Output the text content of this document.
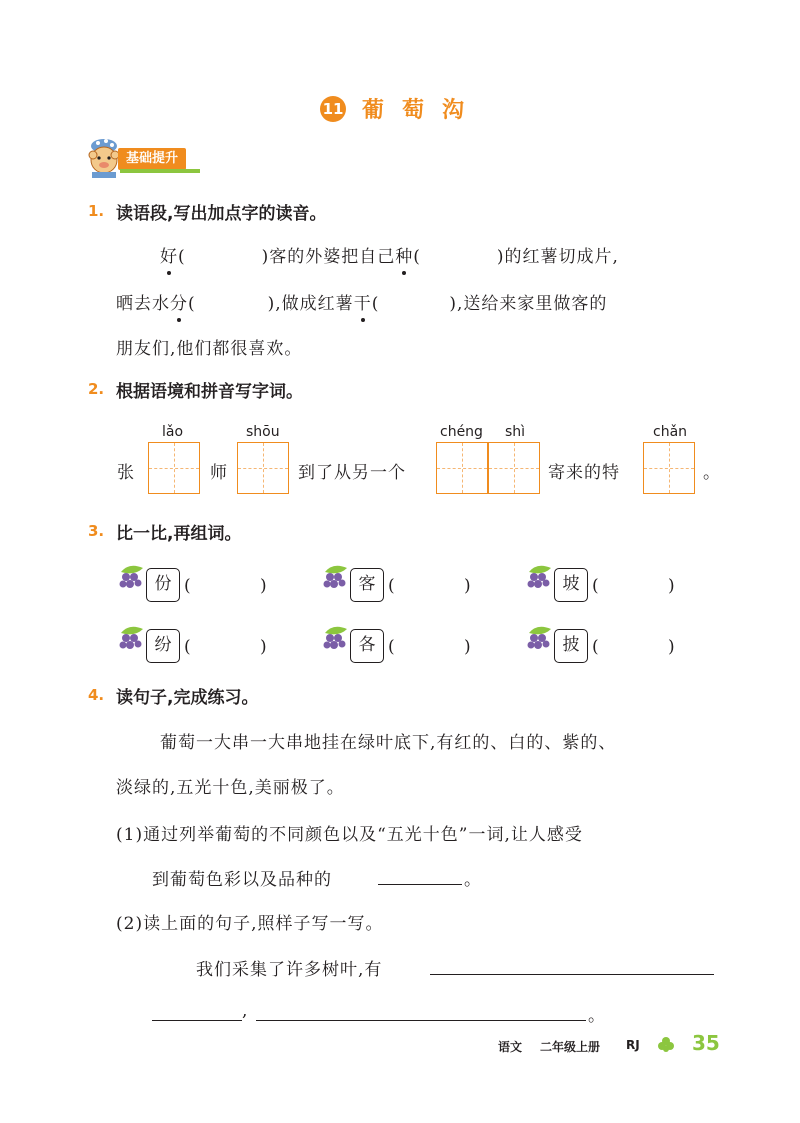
11 葡萄沟
基础提升
1. 读语段,写出加点字的读音。
好(	)客的外婆把自己种(	)的红薯切成片,
晒去水分(	),做成红薯干(	),送给来家里做客的
朋友们,他们都很喜欢。
2. 根据语境和拼音写字词。
lǎo	shōu	chéng shì	chǎn
张	师	到了从另一个	寄来的特	。
3. 比一比,再组词。
份 (	)	客 (	)	坡 (	)
纷 (	)	各 (	)	披 (	)
4. 读句子,完成练习。
葡萄一大串一大串地挂在绿叶底下,有红的、白的、紫的、
淡绿的,五光十色,美丽极了。
(1)通过列举葡萄的不同颜色以及“五光十色”一词,让人感受
到葡萄色彩以及品种的	。
(2)读上面的句子,照样子写一写。
我们采集了许多树叶,有
,	。
语文 二年级上册 RJ	35
